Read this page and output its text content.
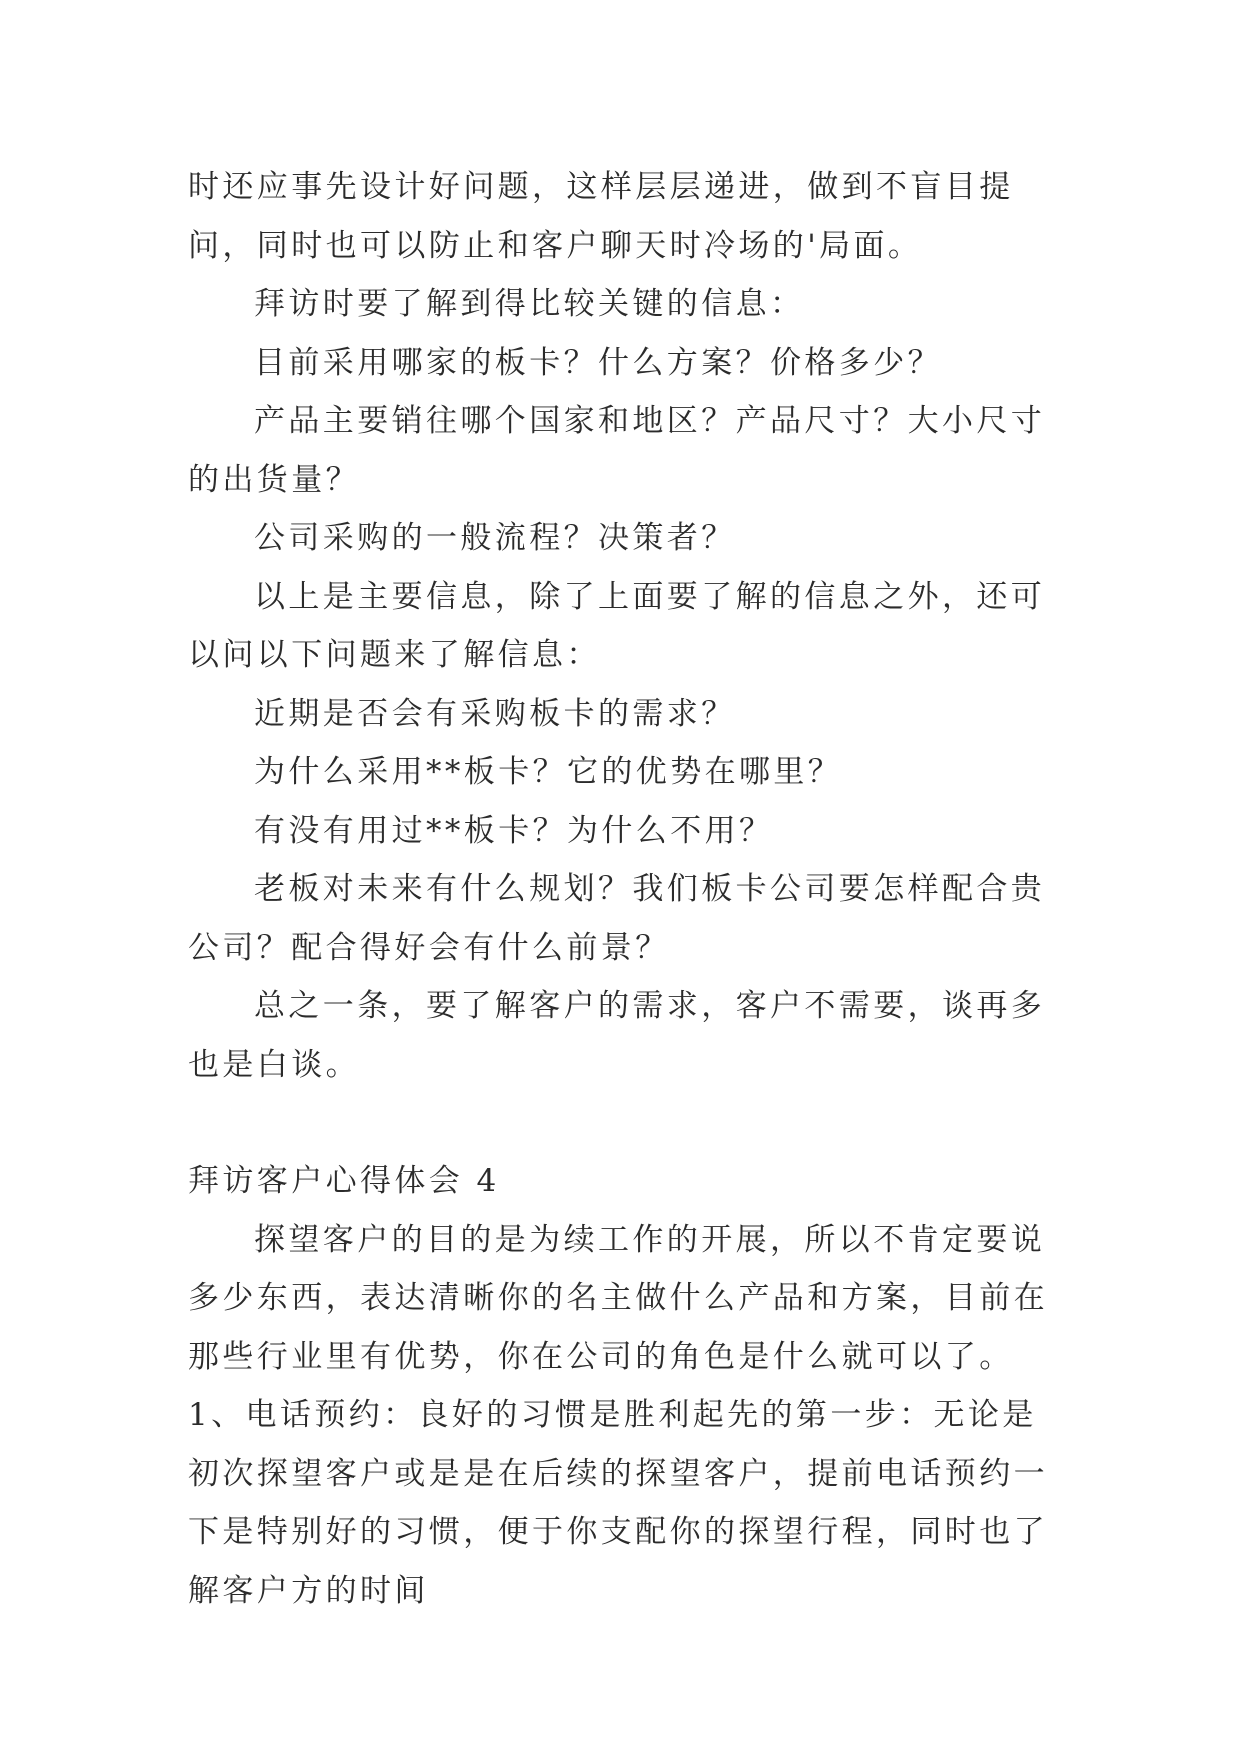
时还应事先设计好问题，这样层层递进，做到不盲目提问，同时也可以防止和客户聊天时冷场的'局面。

拜访时要了解到得比较关键的信息：

目前采用哪家的板卡？什么方案？价格多少？

产品主要销往哪个国家和地区？产品尺寸？大小尺寸的出货量？

公司采购的一般流程？决策者？

以上是主要信息，除了上面要了解的信息之外，还可以问以下问题来了解信息：

近期是否会有采购板卡的需求？

为什么采用**板卡？它的优势在哪里？

有没有用过**板卡？为什么不用？

老板对未来有什么规划？我们板卡公司要怎样配合贵公司？配合得好会有什么前景？

总之一条，要了解客户的需求，客户不需要，谈再多也是白谈。

拜访客户心得体会 4

探望客户的目的是为续工作的开展，所以不肯定要说多少东西，表达清晰你的名主做什么产品和方案，目前在那些行业里有优势，你在公司的角色是什么就可以了。 1、电话预约：良好的习惯是胜利起先的第一步：无论是初次探望客户或是是在后续的探望客户，提前电话预约一下是特别好的习惯，便于你支配你的探望行程，同时也了解客户方的时间
